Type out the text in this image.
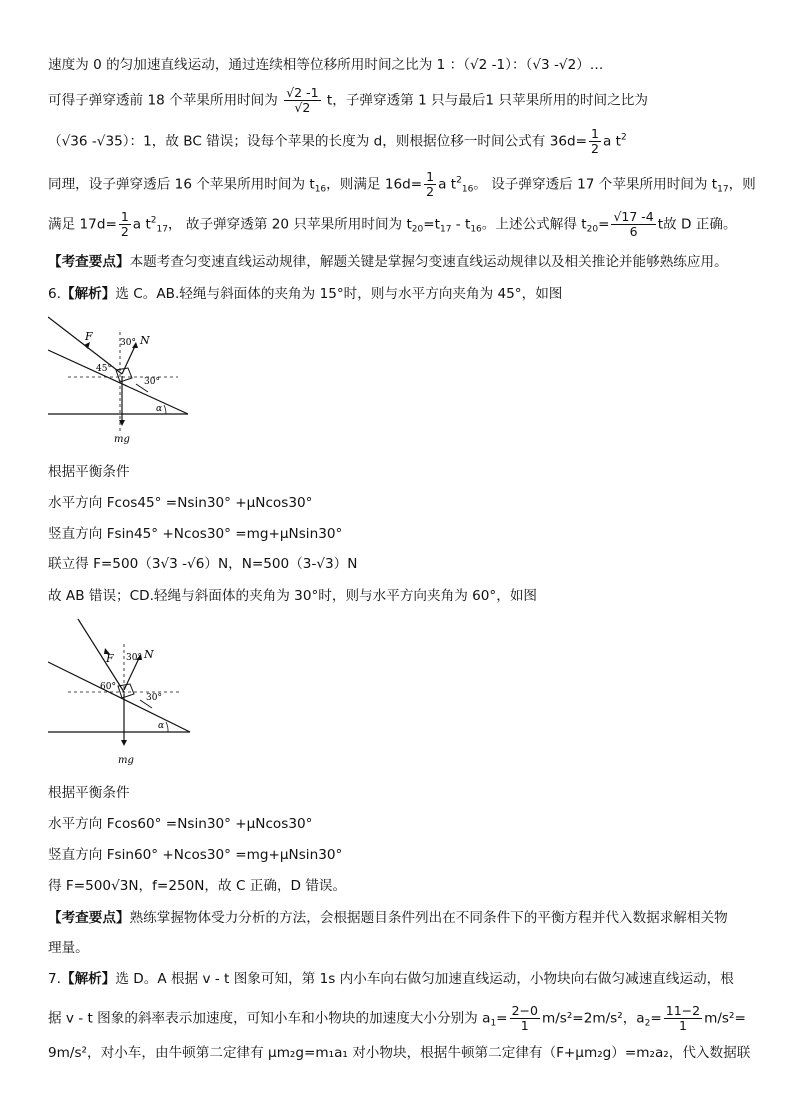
速度为 0 的匀加速直线运动，通过连续相等位移所用时间之比为 1 ：（√2 -1）：（√3 -√2）…
可得子弹穿透前 18 个苹果所用时间为 $\frac{√2 -1}{√2}$ t，子弹穿透第 1 只与最后1 只苹果所用的时间之比为
（√36 -√35）：1，故 BC 错误；设每个苹果的长度为 d，则根据位移一时间公式有 $36d= \frac{1}{2}$ a $t^2$
同理，设子弹穿透后 16 个苹果所用时间为 $t_{16}$，则满足 $16d= \frac{1}{2}$ a $t^2_{16}$。 设子弹穿透后 17 个苹果所用时间为 $t_{17}$，则
满足 $17d= \frac{1}{2}$ a $t^2_{17}$， 故子弹穿透第 20 只苹果所用时间为 $t_{20}=t_{17} - t_{16}$。上述公式解得 $t_{20}= \frac{√17 -4}{6}$ t故 D 正确。
【考查要点】本题考查匀变速直线运动规律，解题关键是掌握匀变速直线运动规律以及相关推论并能够熟练应用。
6.【解析】选 C。AB.轻绳与斜面体的夹角为 15°时，则与水平方向夹角为 45°，如图
F	N
30°
45°
30°
α
mg
根据平衡条件
水平方向 Fcos45° =Nsin30° +μNcos30°
竖直方向 Fsin45° +Ncos30° =mg+μNsin30°
联立得 F=500（3√3 -√6）N，N=500（3-√3）N
故 AB 错误；CD.轻绳与斜面体的夹角为 30°时，则与水平方向夹角为 60°，如图
F	N
30°
60°
30°
α
mg
根据平衡条件
水平方向 Fcos60° =Nsin30° +μNcos30°
竖直方向 Fsin60° +Ncos30° =mg+μNsin30°
得 F=500√3N，f=250N，故 C 正确，D 错误。
【考查要点】熟练掌握物体受力分析的方法，会根据题目条件列出在不同条件下的平衡方程并代入数据求解相关物
理量。
7.【解析】选 D。A 根据 v - t 图象可知，第 1s 内小车向右做匀加速直线运动，小物块向右做匀减速直线运动，根
据 v - t 图象的斜率表示加速度，可知小车和小物块的加速度大小分别为 $a_1= \frac{2-0}{1} m/s^2=2m/s^2$，$a_2= \frac{11-2}{1} m/s^2=$
9m/s²，对小车，由牛顿第二定律有 μm₂g=m₁a₁ 对小物块，根据牛顿第二定律有（F+μm₂g）=m₂a₂，代入数据联
